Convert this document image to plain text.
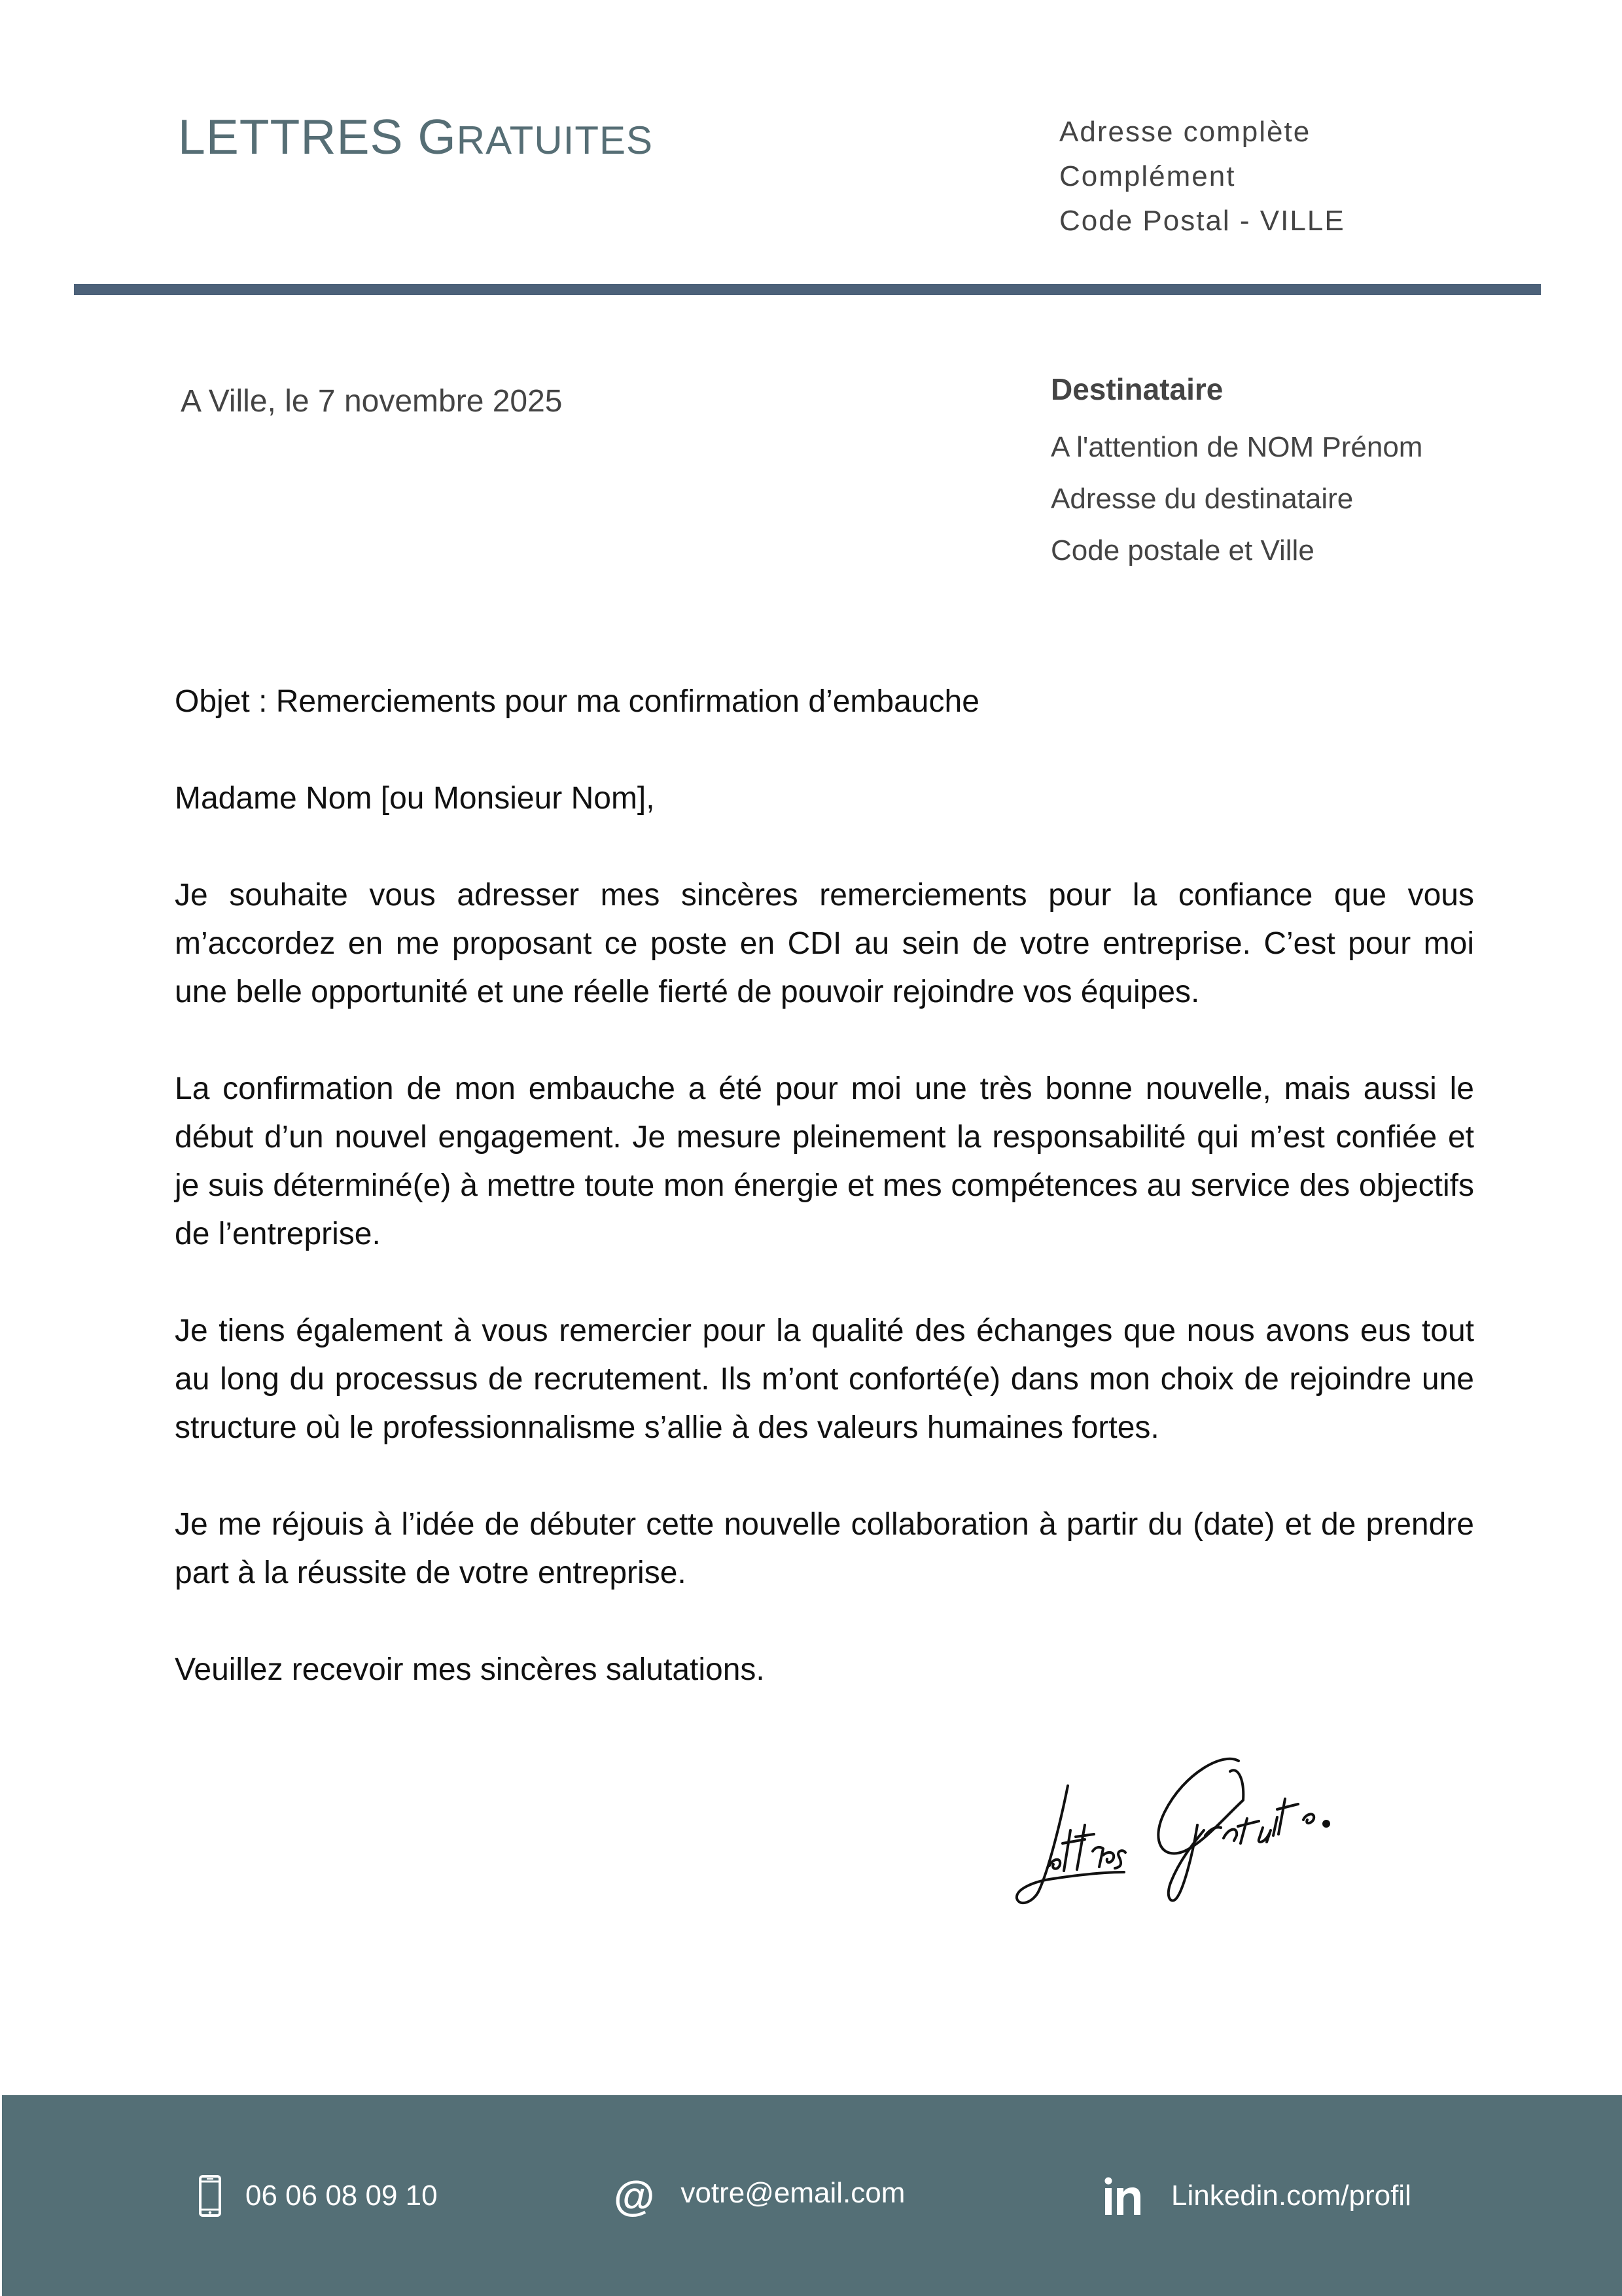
LETTRES GRATUITES	Adresse complète
Complément
Code Postal - VILLE
A Ville, le 7 novembre 2025	Destinataire
A l'attention de NOM Prénom
Adresse du destinataire
Code postale et Ville

Objet : Remerciements pour ma confirmation d’embauche

Madame Nom [ou Monsieur Nom],

Je souhaite vous adresser mes sincères remerciements pour la confiance que vous m’accordez en me proposant ce poste en CDI au sein de votre entreprise. C’est pour moi une belle opportunité et une réelle fierté de pouvoir rejoindre vos équipes.

La confirmation de mon embauche a été pour moi une très bonne nouvelle, mais aussi le début d’un nouvel engagement. Je mesure pleinement la responsabilité qui m’est confiée et je suis déterminé(e) à mettre toute mon énergie et mes compétences au service des objectifs de l’entreprise.

Je tiens également à vous remercier pour la qualité des échanges que nous avons eus tout au long du processus de recrutement. Ils m’ont conforté(e) dans mon choix de rejoindre une structure où le professionnalisme s’allie à des valeurs humaines fortes.

Je me réjouis à l’idée de débuter cette nouvelle collaboration à partir du (date) et de prendre part à la réussite de votre entreprise.

Veuillez recevoir mes sincères salutations.

06 06 08 09 10	@ votre@email.com	Linkedin.com/profil
